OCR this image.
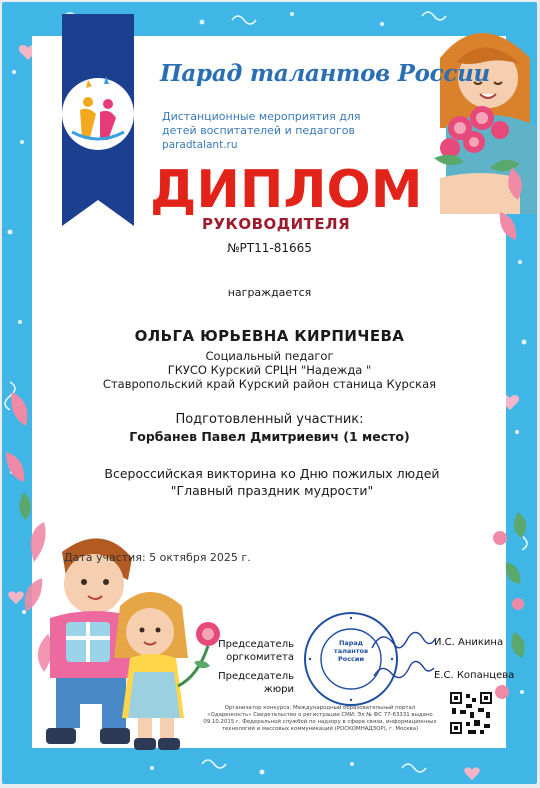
Парад талантов России
Дистанционные мероприятия для детей воспитателей и педагогов
paradtalant.ru
ДИПЛОМ
РУКОВОДИТЕЛЯ
№РТ11-81665
награждается
ОЛЬГА ЮРЬЕВНА КИРПИЧЕВА
Социальный педагог
ГКУСО Курский СРЦН "Надежда "
Ставропольский край Курский район станица Курская
Подготовленный участник:
Горбанев Павел Дмитриевич (1 место)
Всероссийская викторина ко Дню пожилых людей "Главный праздник мудрости"
Дата участия: 5 октября 2025 г.
Председатель оргкомитета
Председатель жюри
И.С. Аникина
Е.С. Копанцева
Парад талантов России
Организатор конкурса: Международный образовательный портал «Одаренность» Свидетельство о регистрации СМИ: Эл № ФС 77-63331 выдано 09.10.2015 г. Федеральной службой по надзору в сфере связи, информационных технологий и массовых коммуникаций (РОСКОМНАДЗОР), г. Москва)
